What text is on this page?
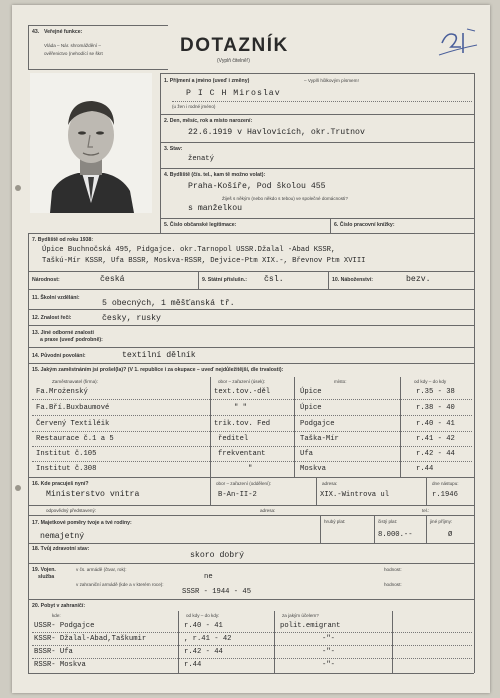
43. Veřejné funkce:
Vláda – Nár. shromáždění –
ověřenictvo (nehodící se škrt	DOTAZNÍK
(Vyplň čitelně!)
1. Příjmení a jméno (uveď i změny)	– Vyplň hůlkovým písmem!
P I C H Miroslav
(u žen i rodné jméno)
2. Den, měsíc, rok a místo narození:
22.6.1919 v Havlovicích, okr.Trutnov
3. Stav:
ženatý
4. Bydliště (čís. tel., kam tě možno volat):
Praha-Košíře, Pod školou 455
Žiješ s někým (nebo někdo s tebou) ve společné domácnosti?
s manželkou
5. Číslo občanské legitimace:	6. Číslo pracovní knížky:
7. Bydliště od roku 1938:
Úpice Buchnočská 495, Pidgajce. okr.Tarnopol USSR.Džalal -Abad KSSR,
Taškú-Mír KSSR, Ufa BSSR, Moskva-RSSR, Dejvice-Ptm XIX.-, Břevnov Ptm XVIII
Národnost:	česká	9. Státní příslušn.: čsl.	10. Náboženství:	bezv.
11. Školní vzdělání:
5 obecných, 1 měšťanská tř.
12. Znalost řečí:	česky, rusky
13. Jiné odborné znalosti
a praxe (uveď podrobně):
14. Původní povolání:	textilní dělník
15. Jakým zaměstnáním jsi prošel(la)? (V 1. republice i za okupace – uveď nejdůležitější, dle trvalosti):
Zaměstnavatel (firma):	obor – zařazení (úsek):	místo:	od kdy – do kdy
Fa.Mrożenský	text.tov.-děl	Úpice	r.35 - 38
Fa.Bří.Buxbaumové	" "	Úpice	r.38 - 40
Červený Textiléik	trik.tov. Fed	Podgajce	r.40 - 41
Restaurace č.1 a 5	ředitel	Taška-Mír	r.41 - 42
Institut č.105	frekventant	Ufa	r.42 - 44
Institut č.308	"	Moskva	r.44
16. Kde pracuješ nyní?	obor – zařazení (oddělení):	adresa:	dne nástupu:
Ministerstvo vnitra	B-An-II-2	XIX.-Wintrova ul	r.1946
odpovědný představený:	adresa:	tel.:
17. Majetkové poměry tvoje a tvé rodiny:
nemajetný
hrubý plat:	čistý plat:
8.000.--
jiné příjmy:
Ø
18. Tvůj zdravotní stav:
skoro dobrý
19. Vojen.
služba
v čs. armádě (čtvar, rok):
ne
hodnost:
v zahraniční armádě (kde a v kterém roce):
SSSR - 1944 - 45
hodnost:
20. Pobyt v zahraničí:
kde:	od kdy – do kdy:	za jakým účelem?
USSR- Podgajce	r.40 - 41	polit.emigrant
KSSR- Džalal-Abad,Taškumir	, r.41 - 42	-"-
BSSR- Ufa	r.42 - 44	-"-
RSSR- Moskva	r.44	-"-
